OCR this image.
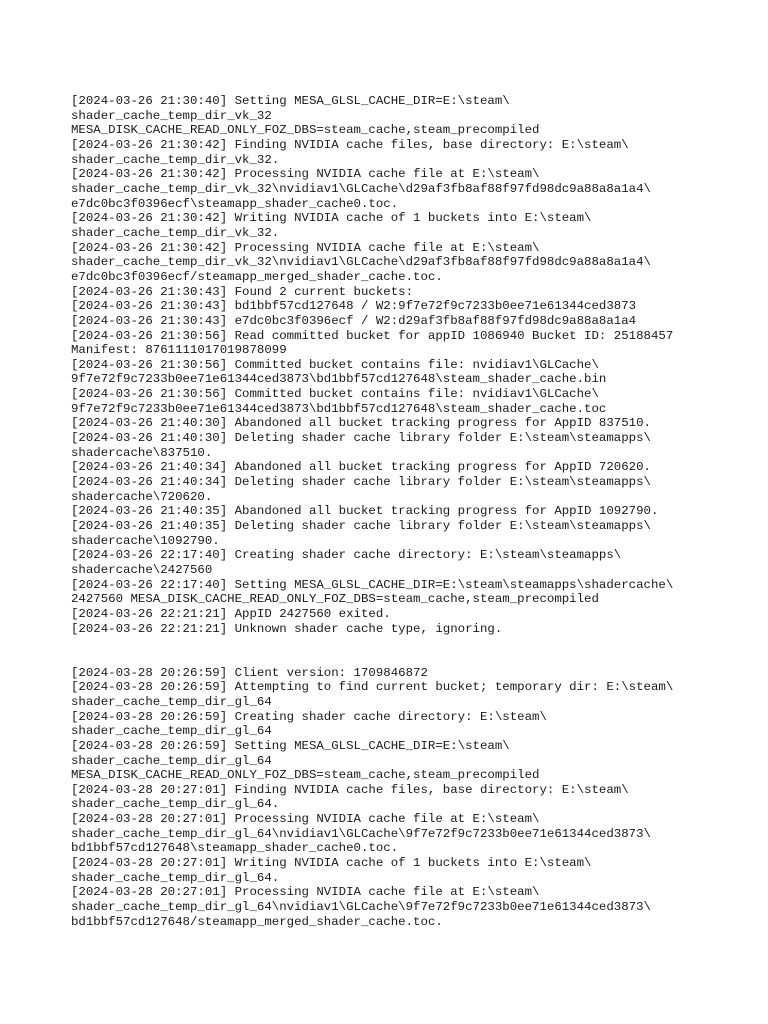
[2024-03-26 21:30:40] Setting MESA_GLSL_CACHE_DIR=E:\steam\
shader_cache_temp_dir_vk_32
MESA_DISK_CACHE_READ_ONLY_FOZ_DBS=steam_cache,steam_precompiled
[2024-03-26 21:30:42] Finding NVIDIA cache files, base directory: E:\steam\
shader_cache_temp_dir_vk_32.
[2024-03-26 21:30:42] Processing NVIDIA cache file at E:\steam\
shader_cache_temp_dir_vk_32\nvidiav1\GLCache\d29af3fb8af88f97fd98dc9a88a8a1a4\
e7dc0bc3f0396ecf\steamapp_shader_cache0.toc.
[2024-03-26 21:30:42] Writing NVIDIA cache of 1 buckets into E:\steam\
shader_cache_temp_dir_vk_32.
[2024-03-26 21:30:42] Processing NVIDIA cache file at E:\steam\
shader_cache_temp_dir_vk_32\nvidiav1\GLCache\d29af3fb8af88f97fd98dc9a88a8a1a4\
e7dc0bc3f0396ecf/steamapp_merged_shader_cache.toc.
[2024-03-26 21:30:43] Found 2 current buckets:
[2024-03-26 21:30:43] bd1bbf57cd127648 / W2:9f7e72f9c7233b0ee71e61344ced3873
[2024-03-26 21:30:43] e7dc0bc3f0396ecf / W2:d29af3fb8af88f97fd98dc9a88a8a1a4
[2024-03-26 21:30:56] Read committed bucket for appID 1086940 Bucket ID: 25188457
Manifest: 8761111017019878099
[2024-03-26 21:30:56] Committed bucket contains file: nvidiav1\GLCache\
9f7e72f9c7233b0ee71e61344ced3873\bd1bbf57cd127648\steam_shader_cache.bin
[2024-03-26 21:30:56] Committed bucket contains file: nvidiav1\GLCache\
9f7e72f9c7233b0ee71e61344ced3873\bd1bbf57cd127648\steam_shader_cache.toc
[2024-03-26 21:40:30] Abandoned all bucket tracking progress for AppID 837510.
[2024-03-26 21:40:30] Deleting shader cache library folder E:\steam\steamapps\
shadercache\837510.
[2024-03-26 21:40:34] Abandoned all bucket tracking progress for AppID 720620.
[2024-03-26 21:40:34] Deleting shader cache library folder E:\steam\steamapps\
shadercache\720620.
[2024-03-26 21:40:35] Abandoned all bucket tracking progress for AppID 1092790.
[2024-03-26 21:40:35] Deleting shader cache library folder E:\steam\steamapps\
shadercache\1092790.
[2024-03-26 22:17:40] Creating shader cache directory: E:\steam\steamapps\
shadercache\2427560
[2024-03-26 22:17:40] Setting MESA_GLSL_CACHE_DIR=E:\steam\steamapps\shadercache\
2427560 MESA_DISK_CACHE_READ_ONLY_FOZ_DBS=steam_cache,steam_precompiled
[2024-03-26 22:21:21] AppID 2427560 exited.
[2024-03-26 22:21:21] Unknown shader cache type, ignoring.
[2024-03-28 20:26:59] Client version: 1709846872
[2024-03-28 20:26:59] Attempting to find current bucket; temporary dir: E:\steam\
shader_cache_temp_dir_gl_64
[2024-03-28 20:26:59] Creating shader cache directory: E:\steam\
shader_cache_temp_dir_gl_64
[2024-03-28 20:26:59] Setting MESA_GLSL_CACHE_DIR=E:\steam\
shader_cache_temp_dir_gl_64
MESA_DISK_CACHE_READ_ONLY_FOZ_DBS=steam_cache,steam_precompiled
[2024-03-28 20:27:01] Finding NVIDIA cache files, base directory: E:\steam\
shader_cache_temp_dir_gl_64.
[2024-03-28 20:27:01] Processing NVIDIA cache file at E:\steam\
shader_cache_temp_dir_gl_64\nvidiav1\GLCache\9f7e72f9c7233b0ee71e61344ced3873\
bd1bbf57cd127648\steamapp_shader_cache0.toc.
[2024-03-28 20:27:01] Writing NVIDIA cache of 1 buckets into E:\steam\
shader_cache_temp_dir_gl_64.
[2024-03-28 20:27:01] Processing NVIDIA cache file at E:\steam\
shader_cache_temp_dir_gl_64\nvidiav1\GLCache\9f7e72f9c7233b0ee71e61344ced3873\
bd1bbf57cd127648/steamapp_merged_shader_cache.toc.
